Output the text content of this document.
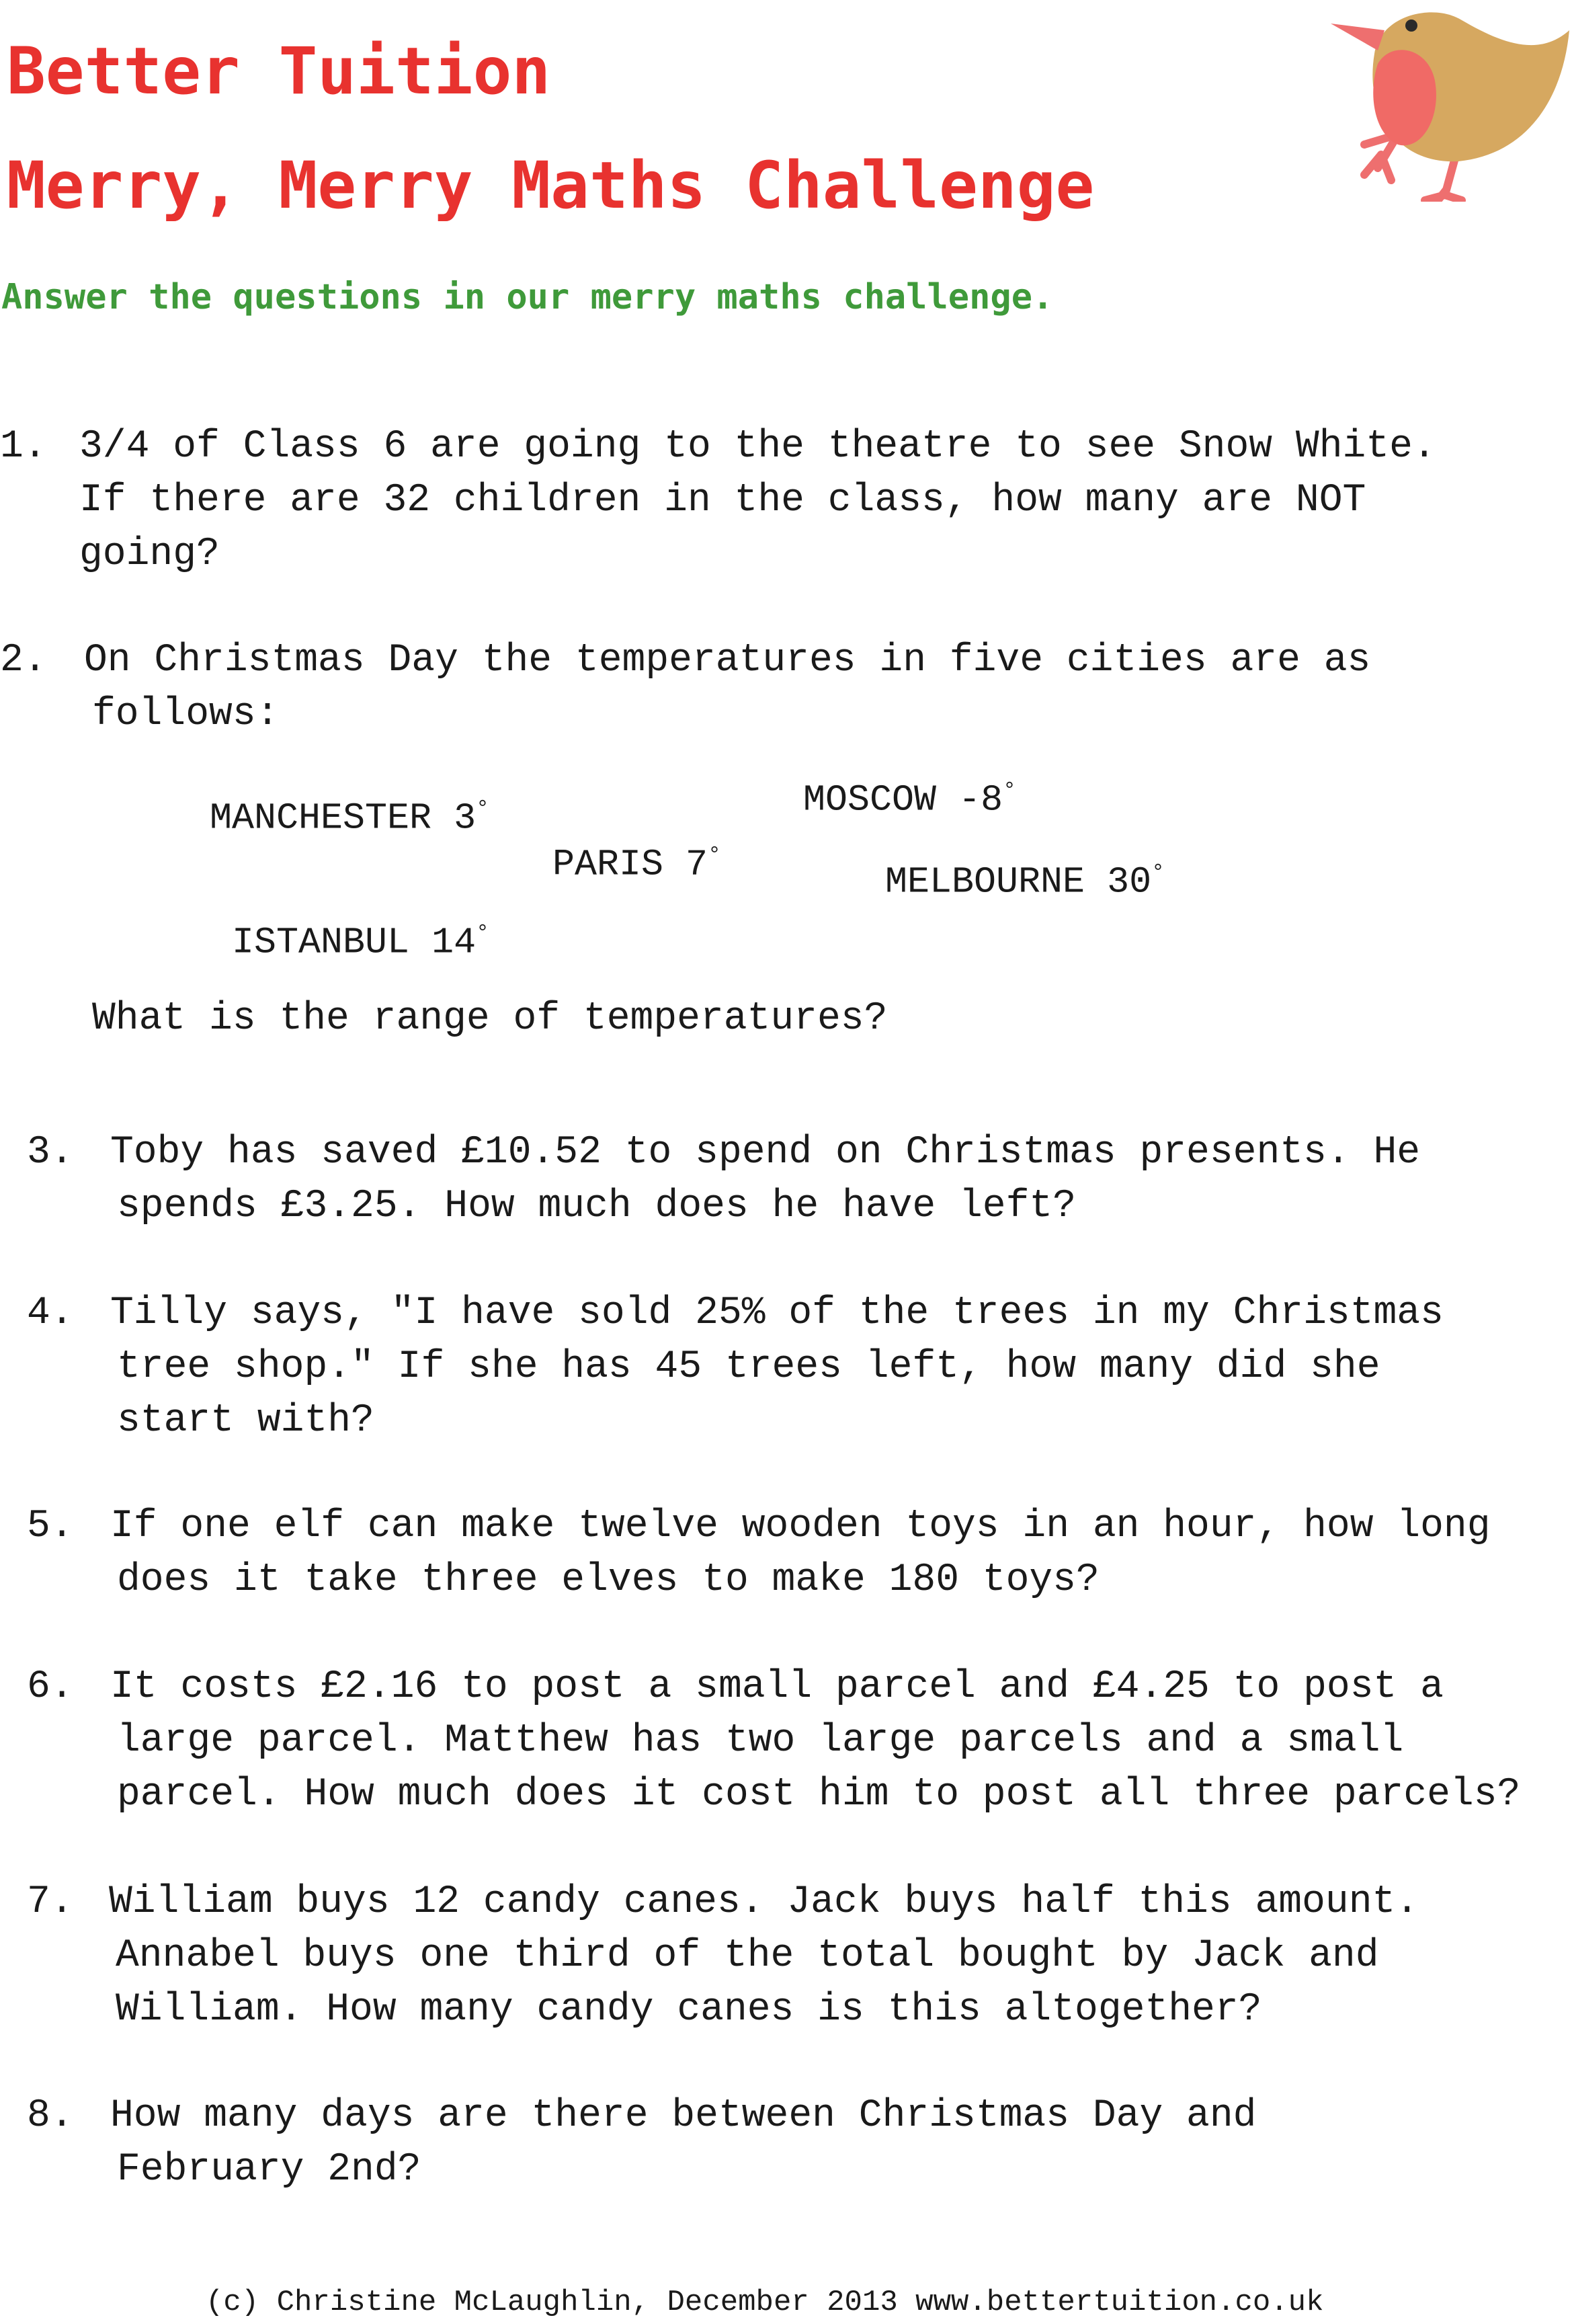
Better Tuition
Merry, Merry Maths Challenge

Answer the questions in our merry maths challenge.

1. 3/4 of Class 6 are going to the theatre to see Snow White.
If there are 32 children in the class, how many are NOT
going?
2. On Christmas Day the temperatures in five cities are as
follows:
MANCHESTER 3°	MOSCOW -8°
PARIS 7°
MELBOURNE 30°
ISTANBUL 14°
What is the range of temperatures?
3. Toby has saved £10.52 to spend on Christmas presents. He
spends £3.25. How much does he have left?
4. Tilly says, "I have sold 25% of the trees in my Christmas
tree shop." If she has 45 trees left, how many did she
start with?
5. If one elf can make twelve wooden toys in an hour, how long
does it take three elves to make 180 toys?
6. It costs £2.16 to post a small parcel and £4.25 to post a
large parcel. Matthew has two large parcels and a small
parcel. How much does it cost him to post all three parcels?
7. William buys 12 candy canes. Jack buys half this amount.
Annabel buys one third of the total bought by Jack and
William. How many candy canes is this altogether?
8. How many days are there between Christmas Day and
February 2nd?

(c) Christine McLaughlin, December 2013 www.bettertuition.co.uk
